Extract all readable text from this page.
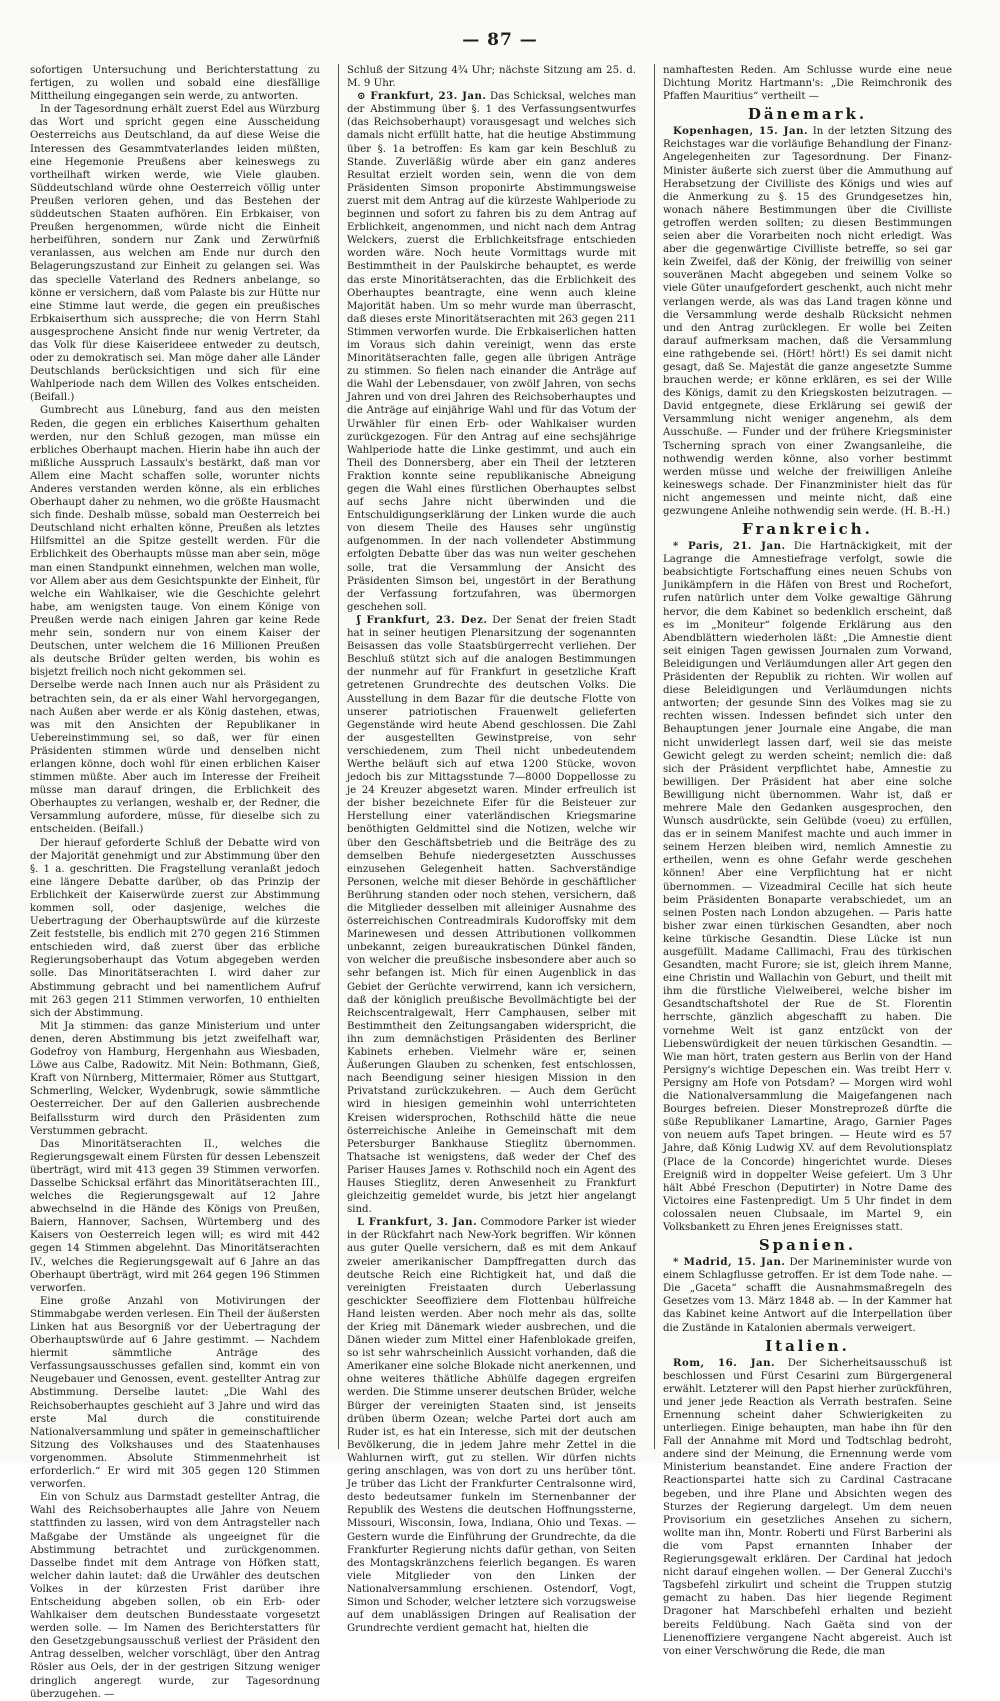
— 87 —

sofortigen Untersuchung und Berichterstattung zu fertigen, zu wollen und sobald eine diesfällige Mittheilung eingegangen sein werde, zu antworten.

In der Tagesordnung erhält zuerst Edel aus Würzburg das Wort und spricht gegen eine Ausscheidung Oesterreichs aus Deutschland, da auf diese Weise die Interessen des Gesammtvaterlandes leiden müßten, eine Hegemonie Preußens aber keineswegs zu vortheilhaft wirken werde, wie Viele glauben. Süddeutschland würde ohne Oesterreich völlig unter Preußen verloren gehen, und das Bestehen der süddeutschen Staaten aufhören. Ein Erbkaiser, von Preußen hergenommen, würde nicht die Einheit herbeiführen, sondern nur Zank und Zerwürfniß veranlassen, aus welchen am Ende nur durch den Belagerungszustand zur Einheit zu gelangen sei. Was das specielle Vaterland des Redners anbelange, so könne er versichern, daß vom Palaste bis zur Hütte nur eine Stimme laut werde, die gegen ein preußisches Erbkaiserthum sich ausspreche; die von Herrn Stahl ausgesprochene Ansicht finde nur wenig Vertreter, da das Volk für diese Kaiserideee entweder zu deutsch, oder zu demokratisch sei. Man möge daher alle Länder Deutschlands berücksichtigen und sich für eine Wahlperiode nach dem Willen des Volkes entscheiden. (Beifall.)

Gumbrecht aus Lüneburg, fand aus den meisten Reden, die gegen ein erbliches Kaiserthum gehalten werden, nur den Schluß gezogen, man müsse ein erbliches Oberhaupt machen. Hierin habe ihn auch der mißliche Ausspruch Lassaulx's bestärkt, daß man vor Allem eine Macht schaffen solle, worunter nichts Anderes verstanden werden könne, als ein erbliches Oberhaupt daher zu nehmen, wo die größte Hausmacht sich finde. Deshalb müsse, sobald man Oesterreich bei Deutschland nicht erhalten könne, Preußen als letztes Hilfsmittel an die Spitze gestellt werden. Für die Erblichkeit des Oberhaupts müsse man aber sein, möge man einen Standpunkt einnehmen, welchen man wolle, vor Allem aber aus dem Gesichtspunkte der Einheit, für welche ein Wahlkaiser, wie die Geschichte gelehrt habe, am wenigsten tauge. Von einem Könige von Preußen werde nach einigen Jahren gar keine Rede mehr sein, sondern nur von einem Kaiser der Deutschen, unter welchem die 16 Millionen Preußen als deutsche Brüder gelten werden, bis wohin es bisjetzt freilich noch nicht gekommen sei.

Derselbe werde nach Innen auch nur als Präsident zu betrachten sein, da er als einer Wahl hervorgegangen, nach Außen aber werde er als König dastehen, etwas, was mit den Ansichten der Republikaner in Uebereinstimmung sei, so daß, wer für einen Präsidenten stimmen würde und denselben nicht erlangen könne, doch wohl für einen erblichen Kaiser stimmen müßte. Aber auch im Interesse der Freiheit müsse man darauf dringen, die Erblichkeit des Oberhauptes zu verlangen, weshalb er, der Redner, die Versammlung aufordere, müsse, für dieselbe sich zu entscheiden. (Beifall.)

Der hierauf geforderte Schluß der Debatte wird von der Majorität genehmigt und zur Abstimmung über den §. 1 a. geschritten. Die Fragstellung veranlaßt jedoch eine längere Debatte darüber, ob das Prinzip der Erblichkeit der Kaiserwürde zuerst zur Abstimmung kommen soll, oder dasjenige, welches die Uebertragung der Oberhauptswürde auf die kürzeste Zeit feststelle, bis endlich mit 270 gegen 216 Stimmen entschieden wird, daß zuerst über das erbliche Regierungsoberhaupt das Votum abgegeben werden solle. Das Minoritätserachten I. wird daher zur Abstimmung gebracht und bei namentlichem Aufruf mit 263 gegen 211 Stimmen verworfen, 10 enthielten sich der Abstimmung.

Mit Ja stimmen: das ganze Ministerium und unter denen, deren Abstimmung bis jetzt zweifelhaft war, Godefroy von Hamburg, Hergenhahn aus Wiesbaden, Löwe aus Calbe, Radowitz. Mit Nein: Bothmann, Gieß, Kraft von Nürnberg, Mittermaier, Römer aus Stuttgart, Schmerling, Welcker, Wydenbrugk, sowie sämmtliche Oesterreicher. Der auf den Gallerien ausbrechende Beifallssturm wird durch den Präsidenten zum Verstummen gebracht.

Das Minoritätserachten II., welches die Regierungsgewalt einem Fürsten für dessen Lebenszeit überträgt, wird mit 413 gegen 39 Stimmen verworfen. Dasselbe Schicksal erfährt das Minoritätserachten III., welches die Regierungsgewalt auf 12 Jahre abwechselnd in die Hände des Königs von Preußen, Baiern, Hannover, Sachsen, Würtemberg und des Kaisers von Oesterreich legen will; es wird mit 442 gegen 14 Stimmen abgelehnt. Das Minoritätserachten IV., welches die Regierungsgewalt auf 6 Jahre an das Oberhaupt überträgt, wird mit 264 gegen 196 Stimmen verworfen.

Eine große Anzahl von Motivirungen der Stimmabgabe werden verlesen. Ein Theil der äußersten Linken hat aus Besorgniß vor der Uebertragung der Oberhauptswürde auf 6 Jahre gestimmt. — Nachdem hiermit sämmtliche Anträge des Verfassungsausschusses gefallen sind, kommt ein von Neugebauer und Genossen, event. gestellter Antrag zur Abstimmung. Derselbe lautet: „Die Wahl des Reichsoberhauptes geschieht auf 3 Jahre und wird das erste Mal durch die constituirende Nationalversammlung und später in gemeinschaftlicher Sitzung des Volkshauses und des Staatenhauses vorgenommen. Absolute Stimmenmehrheit ist erforderlich.“ Er wird mit 305 gegen 120 Stimmen verworfen.

Ein von Schulz aus Darmstadt gestellter Antrag, die Wahl des Reichsoberhauptes alle Jahre von Neuem stattfinden zu lassen, wird von dem Antragsteller nach Maßgabe der Umstände als ungeeignet für die Abstimmung betrachtet und zurückgenommen. Dasselbe findet mit dem Antrage von Höfken statt, welcher dahin lautet: daß die Urwähler des deutschen Volkes in der kürzesten Frist darüber ihre Entscheidung abgeben sollen, ob ein Erb- oder Wahlkaiser dem deutschen Bundesstaate vorgesetzt werden solle. — Im Namen des Berichterstatters für den Gesetzgebungsausschuß verliest der Präsident den Antrag desselben, welcher vorschlägt, über den Antrag Rösler aus Oels, der in der gestrigen Sitzung weniger dringlich angeregt wurde, zur Tagesordnung überzugehen. —

Schluß der Sitzung 4¾ Uhr; nächste Sitzung am 25. d. M. 9 Uhr.

⊙ Frankfurt, 23. Jan. Das Schicksal, welches man der Abstimmung über §. 1 des Verfassungsentwurfes (das Reichsoberhaupt) vorausgesagt und welches sich damals nicht erfüllt hatte, hat die heutige Abstimmung über §. 1a betroffen: Es kam gar kein Beschluß zu Stande. Zuverläßig würde aber ein ganz anderes Resultat erzielt worden sein, wenn die von dem Präsidenten Simson proponirte Abstimmungsweise zuerst mit dem Antrag auf die kürzeste Wahlperiode zu beginnen und sofort zu fahren bis zu dem Antrag auf Erblichkeit, angenommen, und nicht nach dem Antrag Welckers, zuerst die Erblichkeitsfrage entschieden worden wäre. Noch heute Vormittags wurde mit Bestimmtheit in der Paulskirche behauptet, es werde das erste Minoritätserachten, das die Erblichkeit des Oberhauptes beantragte, eine wenn auch kleine Majorität haben. Um so mehr wurde man überrascht, daß dieses erste Minoritätserachten mit 263 gegen 211 Stimmen verworfen wurde. Die Erbkaiserlichen hatten im Voraus sich dahin vereinigt, wenn das erste Minoritätserachten falle, gegen alle übrigen Anträge zu stimmen. So fielen nach einander die Anträge auf die Wahl der Lebensdauer, von zwölf Jahren, von sechs Jahren und von drei Jahren des Reichsoberhauptes und die Anträge auf einjährige Wahl und für das Votum der Urwähler für einen Erb- oder Wahlkaiser wurden zurückgezogen. Für den Antrag auf eine sechsjährige Wahlperiode hatte die Linke gestimmt, und auch ein Theil des Donnersberg, aber ein Theil der letzteren Fraktion konnte seine republikanische Abneigung gegen die Wahl eines fürstlichen Oberhauptes selbst auf sechs Jahre nicht überwinden und die Entschuldigungserklärung der Linken wurde die auch von diesem Theile des Hauses sehr ungünstig aufgenommen. In der nach vollendeter Abstimmung erfolgten Debatte über das was nun weiter geschehen solle, trat die Versammlung der Ansicht des Präsidenten Simson bei, ungestört in der Berathung der Verfassung fortzufahren, was übermorgen geschehen soll.

ʃ Frankfurt, 23. Dez. Der Senat der freien Stadt hat in seiner heutigen Plenarsitzung der sogenannten Beisassen das volle Staatsbürgerrecht verliehen. Der Beschluß stützt sich auf die analogen Bestimmungen der nunmehr auf für Frankfurt in gesetzliche Kraft getretenen Grundrechte des deutschen Volks. Die Ausstellung in dem Bazar für die deutsche Flotte von unserer patriotischen Frauenwelt gelieferten Gegenstände wird heute Abend geschlossen. Die Zahl der ausgestellten Gewinstpreise, von sehr verschiedenem, zum Theil nicht unbedeutendem Werthe beläuft sich auf etwa 1200 Stücke, wovon jedoch bis zur Mittagsstunde 7—8000 Doppellosse zu je 24 Kreuzer abgesetzt waren. Minder erfreulich ist der bisher bezeichnete Eifer für die Beisteuer zur Herstellung einer vaterländischen Kriegsmarine benöthigten Geldmittel sind die Notizen, welche wir über den Geschäftsbetrieb und die Beiträge des zu demselben Behufe niedergesetzten Ausschusses einzusehen Gelegenheit hatten. Sachverständige Personen, welche mit dieser Behörde in geschäftlicher Berührung standen oder noch stehen, versichern, daß die Mitglieder desselben mit alleiniger Ausnahme des österreichischen Contreadmirals Kudoroffsky mit dem Marinewesen und dessen Attributionen vollkommen unbekannt, zeigen bureaukratischen Dünkel fänden, von welcher die preußische insbesondere aber auch so sehr befangen ist. Mich für einen Augenblick in das Gebiet der Gerüchte verwirrend, kann ich versichern, daß der königlich preußische Bevollmächtigte bei der Reichscentralgewalt, Herr Camphausen, selber mit Bestimmtheit den Zeitungsangaben widerspricht, die ihn zum demnächstigen Präsidenten des Berliner Kabinets erheben. Vielmehr wäre er, seinen Äußerungen Glauben zu schenken, fest entschlossen, nach Beendigung seiner hiesigen Mission in den Privatstand zurückzukehren. — Auch dem Gerücht wird in hiesigen gemeinhin wohl unterrichteten Kreisen widersprochen, Rothschild hätte die neue österreichische Anleihe in Gemeinschaft mit dem Petersburger Bankhause Stieglitz übernommen. Thatsache ist wenigstens, daß weder der Chef des Pariser Hauses James v. Rothschild noch ein Agent des Hauses Stieglitz, deren Anwesenheit zu Frankfurt gleichzeitig gemeldet wurde, bis jetzt hier angelangt sind.

L Frankfurt, 3. Jan. Commodore Parker ist wieder in der Rückfahrt nach New-York begriffen. Wir können aus guter Quelle versichern, daß es mit dem Ankauf zweier amerikanischer Dampffregatten durch das deutsche Reich eine Richtigkeit hat, und daß die vereinigten Freistaaten durch Ueberlassung geschickter Seeoffiziere dem Flottenbau hülfreiche Hand leisten werden. Aber noch mehr als das, sollte der Krieg mit Dänemark wieder ausbrechen, und die Dänen wieder zum Mittel einer Hafenblokade greifen, so ist sehr wahrscheinlich Aussicht vorhanden, daß die Amerikaner eine solche Blokade nicht anerkennen, und ohne weiteres thätliche Abhülfe dagegen ergreifen werden. Die Stimme unserer deutschen Brüder, welche Bürger der vereinigten Staaten sind, ist jenseits drüben überm Ozean; welche Partei dort auch am Ruder ist, es hat ein Interesse, sich mit der deutschen Bevölkerung, die in jedem Jahre mehr Zettel in die Wahlurnen wirft, gut zu stellen. Wir dürfen nichts gering anschlagen, was von dort zu uns herüber tönt. Je trüber das Licht der Frankfurter Centralsonne wird, desto bedeutsamer funkeln im Sternenbanner der Republik des Westens die deutschen Hoffnungssterne, Missouri, Wisconsin, Iowa, Indiana, Ohio und Texas. — Gestern wurde die Einführung der Grundrechte, da die Frankfurter Regierung nichts dafür gethan, von Seiten des Montagskränzchens feierlich begangen. Es waren viele Mitglieder von den Linken der Nationalversammlung erschienen. Ostendorf, Vogt, Simon und Schoder, welcher letztere sich vorzugsweise auf dem unablässigen Dringen auf Realisation der Grundrechte verdient gemacht hat, hielten die

namhaftesten Reden. Am Schlusse wurde eine neue Dichtung Moritz Hartmann's: „Die Reimchronik des Pfaffen Mauritius“ vertheilt —

Dänemark.

Kopenhagen, 15. Jan. In der letzten Sitzung des Reichstages war die vorläufige Behandlung der Finanz-Angelegenheiten zur Tagesordnung. Der Finanz-Minister äußerte sich zuerst über die Ammuthung auf Herabsetzung der Civilliste des Königs und wies auf die Anmerkung zu §. 15 des Grundgesetzes hin, wonach nähere Bestimmungen über die Civilliste getroffen werden sollten; zu diesen Bestimmungen seien aber die Vorarbeiten noch nicht erledigt. Was aber die gegenwärtige Civilliste betreffe, so sei gar kein Zweifel, daß der König, der freiwillig von seiner souveränen Macht abgegeben und seinem Volke so viele Güter unaufgefordert geschenkt, auch nicht mehr verlangen werde, als was das Land tragen könne und die Versammlung werde deshalb Rücksicht nehmen und den Antrag zurücklegen. Er wolle bei Zeiten darauf aufmerksam machen, daß die Versammlung eine rathgebende sei. (Hört! hört!) Es sei damit nicht gesagt, daß Se. Majestät die ganze angesetzte Summe brauchen werde; er könne erklären, es sei der Wille des Königs, damit zu den Kriegskosten beizutragen. — David entgegnete, diese Erklärung sei gewiß der Versammlung nicht weniger angenehm, als dem Ausschuße. — Funder und der frühere Kriegsminister Tscherning sprach von einer Zwangsanleihe, die nothwendig werden könne, also vorher bestimmt werden müsse und welche der freiwilligen Anleihe keineswegs schade. Der Finanzminister hielt das für nicht angemessen und meinte nicht, daß eine gezwungene Anleihe nothwendig sein werde. (H. B.-H.)

Frankreich.

* Paris, 21. Jan. Die Hartnäckigkeit, mit der Lagrange die Amnestiefrage verfolgt, sowie die beabsichtigte Fortschaffung eines neuen Schubs von Junikämpfern in die Häfen von Brest und Rochefort, rufen natürlich unter dem Volke gewaltige Gährung hervor, die dem Kabinet so bedenklich erscheint, daß es im „Moniteur“ folgende Erklärung aus den Abendblättern wiederholen läßt: „Die Amnestie dient seit einigen Tagen gewissen Journalen zum Vorwand, Beleidigungen und Verläumdungen aller Art gegen den Präsidenten der Republik zu richten. Wir wollen auf diese Beleidigungen und Verläumdungen nichts antworten; der gesunde Sinn des Volkes mag sie zu rechten wissen. Indessen befindet sich unter den Behauptungen jener Journale eine Angabe, die man nicht unwiderlegt lassen darf, weil sie das meiste Gewicht gelegt zu werden scheint; nemlich die: daß sich der Präsident verpflichtet habe, Amnestie zu bewilligen. Der Präsident hat aber eine solche Bewilligung nicht übernommen. Wahr ist, daß er mehrere Male den Gedanken ausgesprochen, den Wunsch ausdrückte, sein Gelübde (voeu) zu erfüllen, das er in seinem Manifest machte und auch immer in seinem Herzen bleiben wird, nemlich Amnestie zu ertheilen, wenn es ohne Gefahr werde geschehen können! Aber eine Verpflichtung hat er nicht übernommen. — Vizeadmiral Cecille hat sich heute beim Präsidenten Bonaparte verabschiedet, um an seinen Posten nach London abzugehen. — Paris hatte bisher zwar einen türkischen Gesandten, aber noch keine türkische Gesandtin. Diese Lücke ist nun ausgefüllt. Madame Callimachi, Frau des türkischen Gesandten, macht Furore; sie ist, gleich ihrem Manne, eine Christin und Wallachin von Geburt, und theilt mit ihm die fürstliche Vielweiberei, welche bisher im Gesandtschaftshotel der Rue de St. Florentin herrschte, gänzlich abgeschafft zu haben. Die vornehme Welt ist ganz entzückt von der Liebenswürdigkeit der neuen türkischen Gesandtin. — Wie man hört, traten gestern aus Berlin von der Hand Persigny's wichtige Depeschen ein. Was treibt Herr v. Persigny am Hofe von Potsdam? — Morgen wird wohl die Nationalversammlung die Maigefangenen nach Bourges befreien. Dieser Monstreprozeß dürfte die süße Republikaner Lamartine, Arago, Garnier Pages von neuem aufs Tapet bringen. — Heute wird es 57 Jahre, daß König Ludwig XV. auf dem Revolutionsplatz (Place de la Concorde) hingerichtet wurde. Dieses Ereigniß wird in doppelter Weise gefeiert. Um 3 Uhr hält Abbé Freschon (Deputirter) in Notre Dame des Victoires eine Fastenpredigt. Um 5 Uhr findet in dem colossalen neuen Clubsaale, im Martel 9, ein Volksbankett zu Ehren jenes Ereignisses statt.

Spanien.

* Madrid, 15. Jan. Der Marineminister wurde von einem Schlagflusse getroffen. Er ist dem Tode nahe. — Die „Gaceta“ schafft die Ausnahmsmaßregeln des Gesetzes vom 13. März 1848 ab. — In der Kammer hat das Kabinet keine Antwort auf die Interpellation über die Zustände in Katalonien abermals verweigert.

Italien.

Rom, 16. Jan. Der Sicherheitsausschuß ist beschlossen und Fürst Cesarini zum Bürgergeneral erwählt. Letzterer will den Papst hierher zurückführen, und jener jede Reaction als Verrath bestrafen. Seine Ernennung scheint daher Schwierigkeiten zu unterliegen. Einige behaupten, man habe ihn für den Fall der Annahme mit Mord und Todtschlag bedroht, andere sind der Meinung, die Ernennung werde vom Ministerium beanstandet. Eine andere Fraction der Reactionspartei hatte sich zu Cardinal Castracane begeben, und ihre Plane und Absichten wegen des Sturzes der Regierung dargelegt. Um dem neuen Provisorium ein gesetzliches Ansehen zu sichern, wollte man ihn, Montr. Roberti und Fürst Barberini als die vom Papst ernannten Inhaber der Regierungsgewalt erklären. Der Cardinal hat jedoch nicht darauf eingehen wollen. — Der General Zucchi's Tagsbefehl zirkulirt und scheint die Truppen stutzig gemacht zu haben. Das hier liegende Regiment Dragoner hat Marschbefehl erhalten und bezieht bereits Feldübung. Nach Gaëta sind von der Lienenoffiziere vergangene Nacht abgereist. Auch ist von einer Verschwörung die Rede, die man
